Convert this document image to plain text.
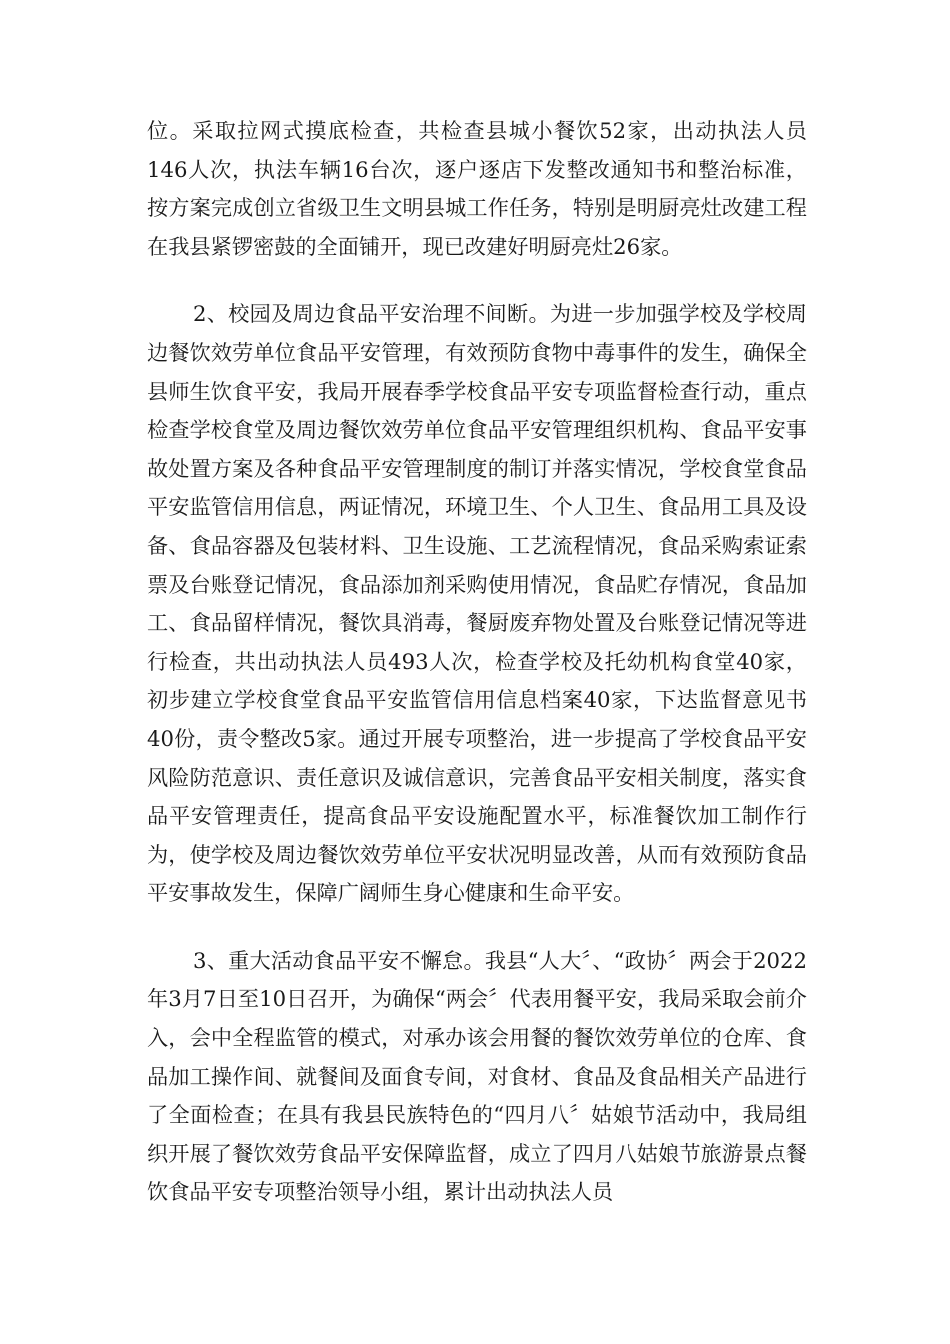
位。采取拉网式摸底检查，共检查县城小餐饮52家，出动执法人员146人次，执法车辆16台次，逐户逐店下发整改通知书和整治标准，按方案完成创立省级卫生文明县城工作任务，特别是明厨亮灶改建工程在我县紧锣密鼓的全面铺开，现已改建好明厨亮灶26家。

2、校园及周边食品平安治理不间断。为进一步加强学校及学校周边餐饮效劳单位食品平安管理，有效预防食物中毒事件的发生，确保全县师生饮食平安，我局开展春季学校食品平安专项监督检查行动，重点检查学校食堂及周边餐饮效劳单位食品平安管理组织机构、食品平安事故处置方案及各种食品平安管理制度的制订并落实情况，学校食堂食品平安监管信用信息，两证情况，环境卫生、个人卫生、食品用工具及设备、食品容器及包装材料、卫生设施、工艺流程情况，食品采购索证索票及台账登记情况，食品添加剂采购使用情况，食品贮存情况，食品加工、食品留样情况，餐饮具消毒，餐厨废弃物处置及台账登记情况等进行检查，共出动执法人员493人次，检查学校及托幼机构食堂40家，初步建立学校食堂食品平安监管信用信息档案40家，下达监督意见书40份，责令整改5家。通过开展专项整治，进一步提高了学校食品平安风险防范意识、责任意识及诚信意识，完善食品平安相关制度，落实食品平安管理责任，提高食品平安设施配置水平，标准餐饮加工制作行为，使学校及周边餐饮效劳单位平安状况明显改善，从而有效预防食品平安事故发生，保障广阔师生身心健康和生命平安。

3、重大活动食品平安不懈怠。我县“人大〞、“政协〞两会于2022年3月7日至10日召开，为确保“两会〞代表用餐平安，我局采取会前介入，会中全程监管的模式，对承办该会用餐的餐饮效劳单位的仓库、食品加工操作间、就餐间及面食专间，对食材、食品及食品相关产品进行了全面检查；在具有我县民族特色的“四月八〞姑娘节活动中，我局组织开展了餐饮效劳食品平安保障监督，成立了四月八姑娘节旅游景点餐饮食品平安专项整治领导小组，累计出动执法人员
